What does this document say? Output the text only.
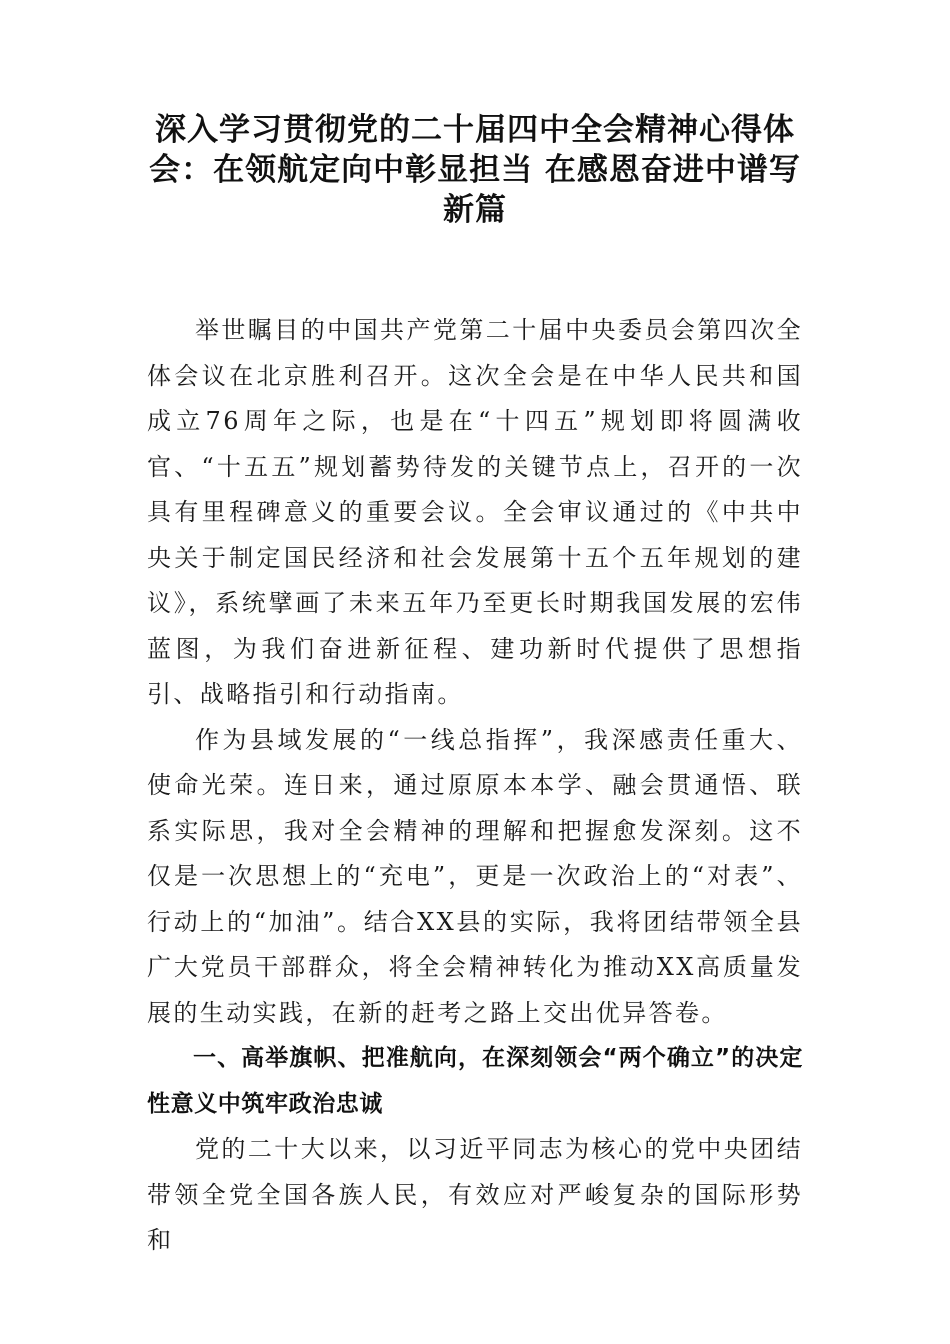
深入学习贯彻党的二十届四中全会精神心得体会：在领航定向中彰显担当 在感恩奋进中谱写新篇

举世瞩目的中国共产党第二十届中央委员会第四次全体会议在北京胜利召开。这次全会是在中华人民共和国成立76周年之际，也是在“十四五”规划即将圆满收官、“十五五”规划蓄势待发的关键节点上，召开的一次具有里程碑意义的重要会议。全会审议通过的《中共中央关于制定国民经济和社会发展第十五个五年规划的建议》，系统擘画了未来五年乃至更长时期我国发展的宏伟蓝图，为我们奋进新征程、建功新时代提供了思想指引、战略指引和行动指南。

作为县域发展的“一线总指挥”，我深感责任重大、使命光荣。连日来，通过原原本本学、融会贯通悟、联系实际思，我对全会精神的理解和把握愈发深刻。这不仅是一次思想上的“充电”，更是一次政治上的“对表”、行动上的“加油”。结合XX县的实际，我将团结带领全县广大党员干部群众，将全会精神转化为推动XX高质量发展的生动实践，在新的赶考之路上交出优异答卷。

一、高举旗帜、把准航向，在深刻领会“两个确立”的决定性意义中筑牢政治忠诚

党的二十大以来，以习近平同志为核心的党中央团结带领全党全国各族人民，有效应对严峻复杂的国际形势和
